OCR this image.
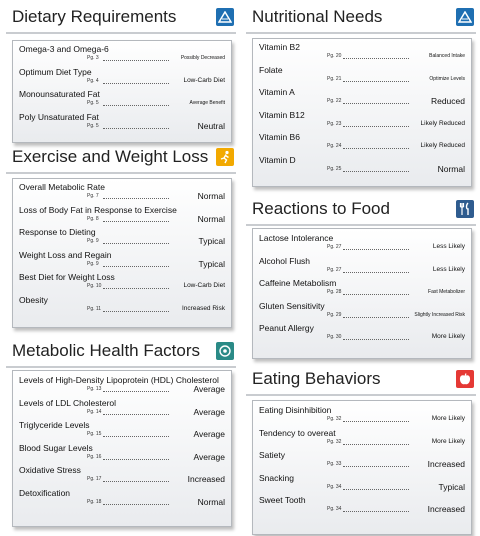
Dietary Requirements
Omega-3 and Omega-6
Pg. 3	Possibly Decreased
Optimum Diet Type
Pg. 4	Low-Carb Diet
Monounsaturated Fat
Pg. 5	Average Benefit
Poly Unsaturated Fat
Pg. 5	Neutral
Exercise and Weight Loss
Overall Metabolic Rate
Pg. 7	Normal
Loss of Body Fat in Response to Exercise
Pg. 8	Normal
Response to Dieting
Pg. 9	Typical
Weight Loss and Regain
Pg. 9	Typical
Best Diet for Weight Loss
Pg. 10	Low-Carb Diet
Obesity
Pg. 11	Increased Risk
Metabolic Health Factors
Levels of High-Density Lipoprotein (HDL) Cholesterol
Pg. 13	Average
Levels of LDL Cholesterol
Pg. 14	Average
Triglyceride Levels
Pg. 15	Average
Blood Sugar Levels
Pg. 16	Average
Oxidative Stress
Pg. 17	Increased
Detoxification
Pg. 18	Normal
Nutritional Needs
Vitamin B2
Pg. 20	Balanced Intake
Folate
Pg. 21	Optimize Levels
Vitamin A
Pg. 22	Reduced
Vitamin B12
Pg. 23	Likely Reduced
Vitamin B6
Pg. 24	Likely Reduced
Vitamin D
Pg. 25	Normal
Reactions to Food
Lactose Intolerance
Pg. 27	Less Likely
Alcohol Flush
Pg. 27	Less Likely
Caffeine Metabolism
Pg. 28	Fast Metabolizer
Gluten Sensitivity
Pg. 29	Slightly Increased Risk
Peanut Allergy
Pg. 30	More Likely
Eating Behaviors
Eating Disinhibition
Pg. 32	More Likely
Tendency to overeat
Pg. 32	More Likely
Satiety
Pg. 33	Increased
Snacking
Pg. 34	Typical
Sweet Tooth
Pg. 34	Increased
